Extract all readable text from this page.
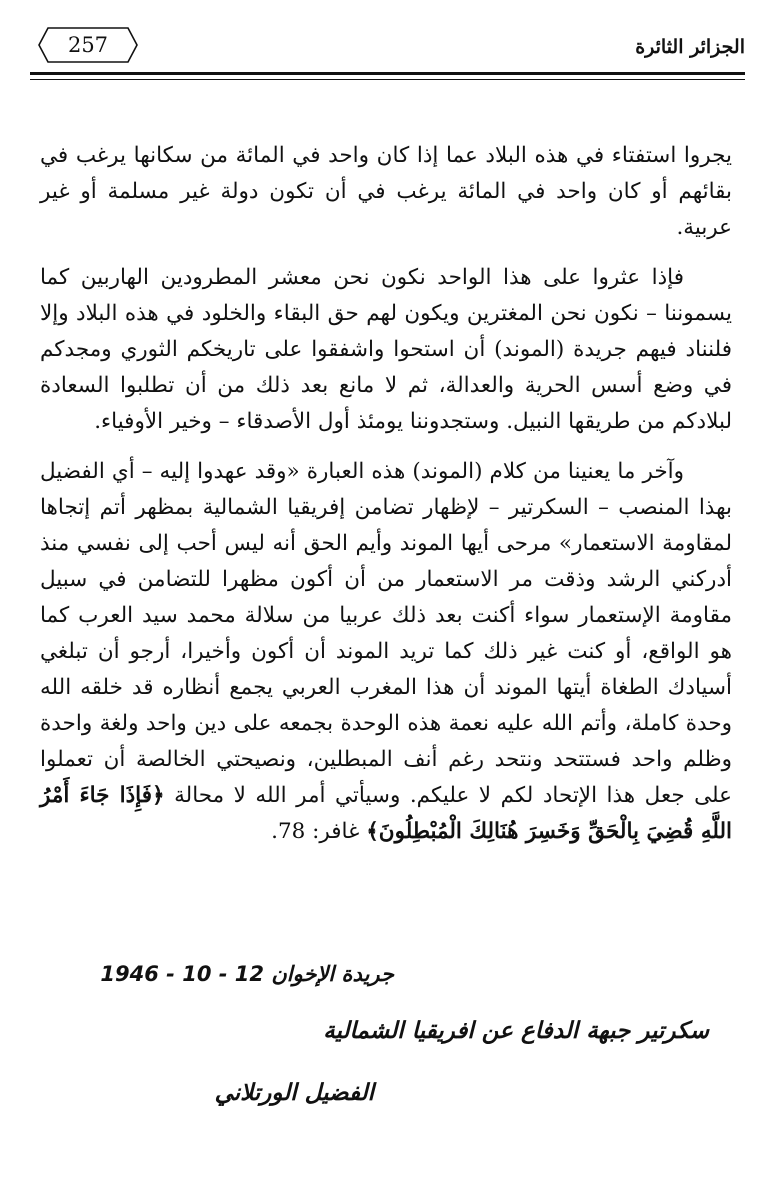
الجزائر الثائرة
257

يجروا استفتاء في هذه البلاد عما إذا كان واحد في المائة من سكانها يرغب في بقائهم أو كان واحد في المائة يرغب في أن تكون دولة غير مسلمة أو غير عربية.

فإذا عثروا على هذا الواحد نكون نحن معشر المطرودين الهاربين كما يسموننا – نكون نحن المغترين ويكون لهم حق البقاء والخلود في هذه البلاد وإلا فلنناد فيهم جريدة (الموند) أن استحوا واشفقوا على تاريخكم الثوري ومجدكم في وضع أسس الحرية والعدالة، ثم لا مانع بعد ذلك من أن تطلبوا السعادة لبلادكم من طريقها النبيل. وستجدوننا يومئذ أول الأصدقاء – وخير الأوفياء.

وآخر ما يعنينا من كلام (الموند) هذه العبارة «وقد عهدوا إليه – أي الفضيل بهذا المنصب – السكرتير – لإظهار تضامن إفريقيا الشمالية بمظهر أتم إتجاها لمقاومة الاستعمار» مرحى أيها الموند وأيم الحق أنه ليس أحب إلى نفسي منذ أدركني الرشد وذقت مر الاستعمار من أن أكون مظهرا للتضامن في سبيل مقاومة الإستعمار سواء أكنت بعد ذلك عربيا من سلالة محمد سيد العرب كما هو الواقع، أو كنت غير ذلك كما تريد الموند أن أكون وأخيرا، أرجو أن تبلغي أسيادك الطغاة أيتها الموند أن هذا المغرب العربي يجمع أنظاره قد خلقه الله وحدة كاملة، وأتم الله عليه نعمة هذه الوحدة بجمعه على دين واحد ولغة واحدة وظلم واحد فستتحد ونتحد رغم أنف المبطلين، ونصيحتي الخالصة أن تعملوا على جعل هذا الإتحاد لكم لا عليكم. وسيأتي أمر الله لا محالة ﴿فَإِذَا جَاءَ أَمْرُ اللَّهِ قُضِيَ بِالْحَقِّ وَخَسِرَ هُنَالِكَ الْمُبْطِلُونَ﴾ غافر: 78.

جريدة الإخوان 12 - 10 - 1946
سكرتير جبهة الدفاع عن افريقيا الشمالية
الفضيل الورتلاني
